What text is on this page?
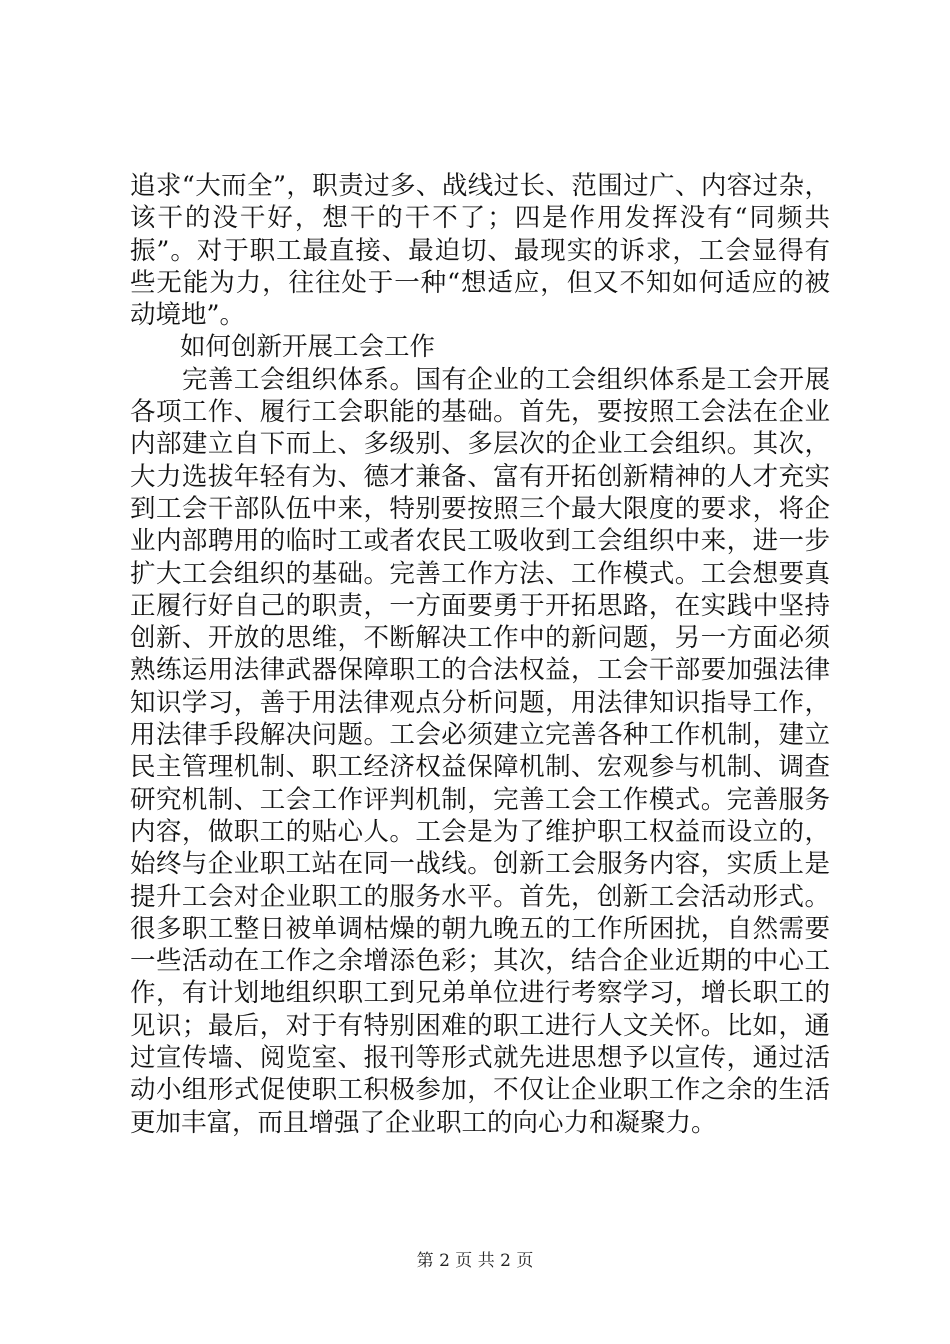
追求“大而全”，职责过多、战线过长、范围过广、内容过杂，
该干的没干好，想干的干不了；四是作用发挥没有“同频共
振”。对于职工最直接、最迫切、最现实的诉求，工会显得有
些无能为力，往往处于一种“想适应，但又不知如何适应的被
动境地”。
如何创新开展工会工作
完善工会组织体系。国有企业的工会组织体系是工会开展
各项工作、履行工会职能的基础。首先，要按照工会法在企业
内部建立自下而上、多级别、多层次的企业工会组织。其次，
大力选拔年轻有为、德才兼备、富有开拓创新精神的人才充实
到工会干部队伍中来，特别要按照三个最大限度的要求，将企
业内部聘用的临时工或者农民工吸收到工会组织中来，进一步
扩大工会组织的基础。完善工作方法、工作模式。工会想要真
正履行好自己的职责，一方面要勇于开拓思路，在实践中坚持
创新、开放的思维，不断解决工作中的新问题，另一方面必须
熟练运用法律武器保障职工的合法权益，工会干部要加强法律
知识学习，善于用法律观点分析问题，用法律知识指导工作，
用法律手段解决问题。工会必须建立完善各种工作机制，建立
民主管理机制、职工经济权益保障机制、宏观参与机制、调查
研究机制、工会工作评判机制，完善工会工作模式。完善服务
内容，做职工的贴心人。工会是为了维护职工权益而设立的，
始终与企业职工站在同一战线。创新工会服务内容，实质上是
提升工会对企业职工的服务水平。首先，创新工会活动形式。
很多职工整日被单调枯燥的朝九晚五的工作所困扰，自然需要
一些活动在工作之余增添色彩；其次，结合企业近期的中心工
作，有计划地组织职工到兄弟单位进行考察学习，增长职工的
见识；最后，对于有特别困难的职工进行人文关怀。比如，通
过宣传墙、阅览室、报刊等形式就先进思想予以宣传，通过活
动小组形式促使职工积极参加，不仅让企业职工作之余的生活
更加丰富，而且增强了企业职工的向心力和凝聚力。
第 2 页 共 2 页
